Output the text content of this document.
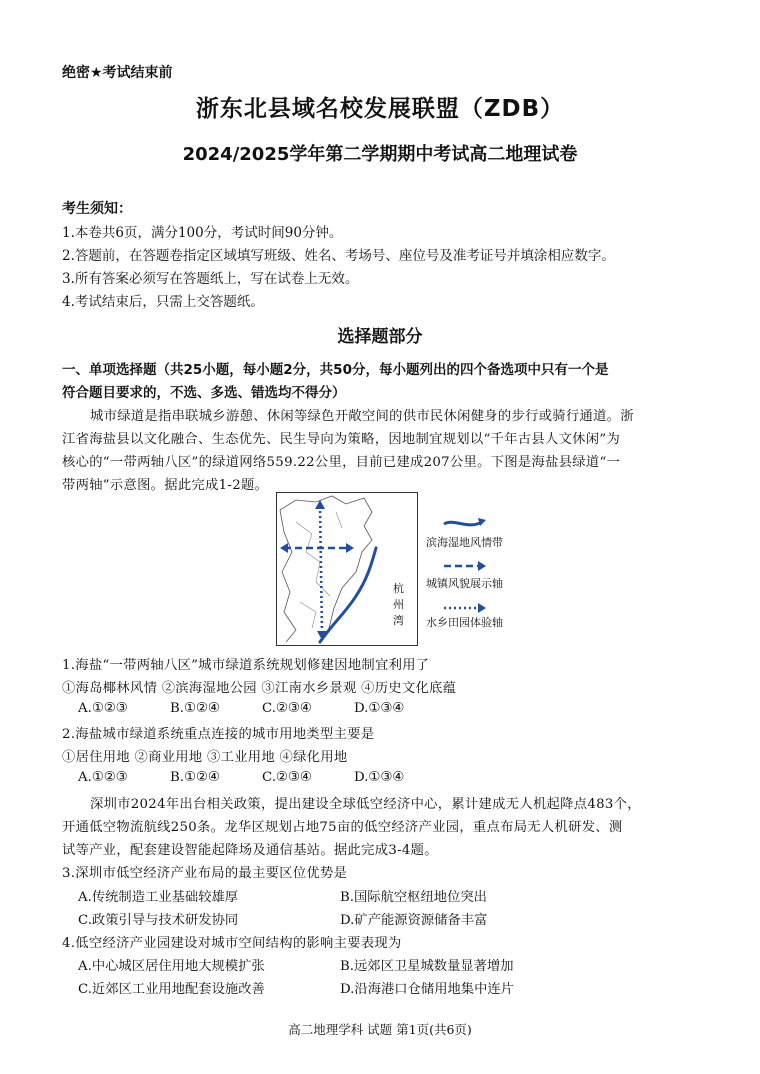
绝密★考试结束前
浙东北县域名校发展联盟（ZDB）
2024/2025学年第二学期期中考试高二地理试卷
考生须知：
1.本卷共6页，满分100分，考试时间90分钟。
2.答题前，在答题卷指定区域填写班级、姓名、考场号、座位号及准考证号并填涂相应数字。
3.所有答案必须写在答题纸上，写在试卷上无效。
4.考试结束后，只需上交答题纸。
选择题部分
一、单项选择题（共25小题，每小题2分，共50分，每小题列出的四个备选项中只有一个是
符合题目要求的，不选、多选、错选均不得分）
城市绿道是指串联城乡游憩、休闲等绿色开敞空间的供市民休闲健身的步行或骑行通道。浙
江省海盐县以文化融合、生态优先、民生导向为策略，因地制宜规划以“千年古县人文休闲”为
核心的“一带两轴八区”的绿道网络559.22公里，目前已建成207公里。下图是海盐县绿道“一
带两轴”示意图。据此完成1-2题。
杭
州
湾
滨海湿地风情带
城镇风貌展示轴
水乡田园体验轴
1.海盐“一带两轴八区”城市绿道系统规划修建因地制宜利用了
①海岛椰林风情 ②滨海湿地公园 ③江南水乡景观 ④历史文化底蕴
A.①②③	B.①②④	C.②③④	D.①③④
2.海盐城市绿道系统重点连接的城市用地类型主要是
①居住用地 ②商业用地 ③工业用地 ④绿化用地
A.①②③	B.①②④	C.②③④	D.①③④
深圳市2024年出台相关政策，提出建设全球低空经济中心，累计建成无人机起降点483个，
开通低空物流航线250条。龙华区规划占地75亩的低空经济产业园，重点布局无人机研发、测
试等产业，配套建设智能起降场及通信基站。据此完成3-4题。
3.深圳市低空经济产业布局的最主要区位优势是
A.传统制造工业基础较雄厚	B.国际航空枢纽地位突出
C.政策引导与技术研发协同	D.矿产能源资源储备丰富
4.低空经济产业园建设对城市空间结构的影响主要表现为
A.中心城区居住用地大规模扩张	B.远郊区卫星城数量显著增加
C.近郊区工业用地配套设施改善	D.沿海港口仓储用地集中连片
高二地理学科 试题 第1页(共6页)
